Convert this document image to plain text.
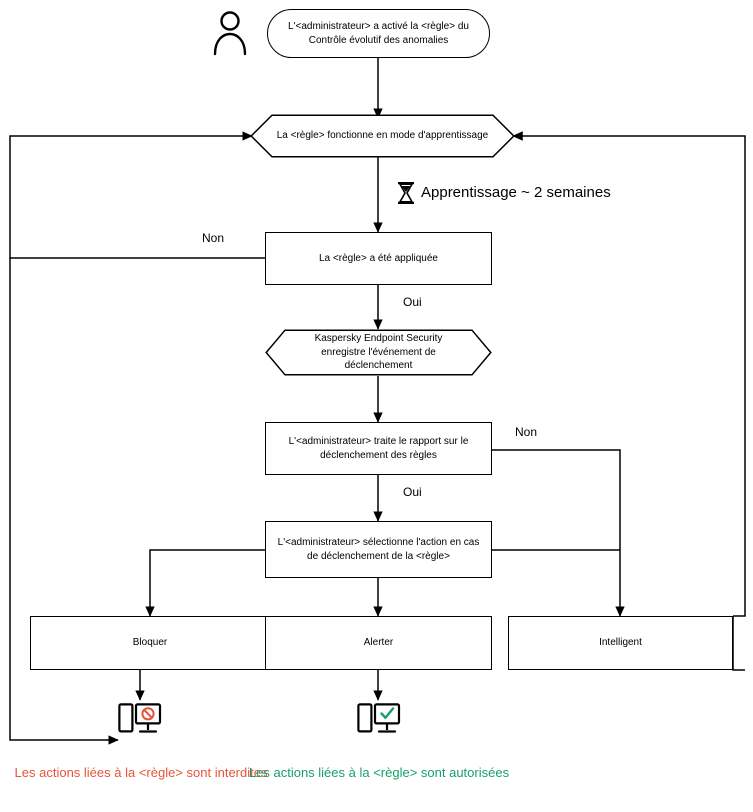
L'<administrateur> a activé la <règle> du Contrôle évolutif des anomalies
La <règle> fonctionne en mode d'apprentissage
Apprentissage ~ 2 semaines
Non
La <règle> a été appliquée
Oui
Kaspersky Endpoint Security enregistre l'événement de déclenchement
L'<administrateur> traite le rapport sur le déclenchement des règles
Non
Oui
L'<administrateur> sélectionne l'action en cas de déclenchement de la <règle>
Bloquer	Alerter	Intelligent
Les actions liées à la <règle> sont interdites
Les actions liées à la <règle> sont autorisées
